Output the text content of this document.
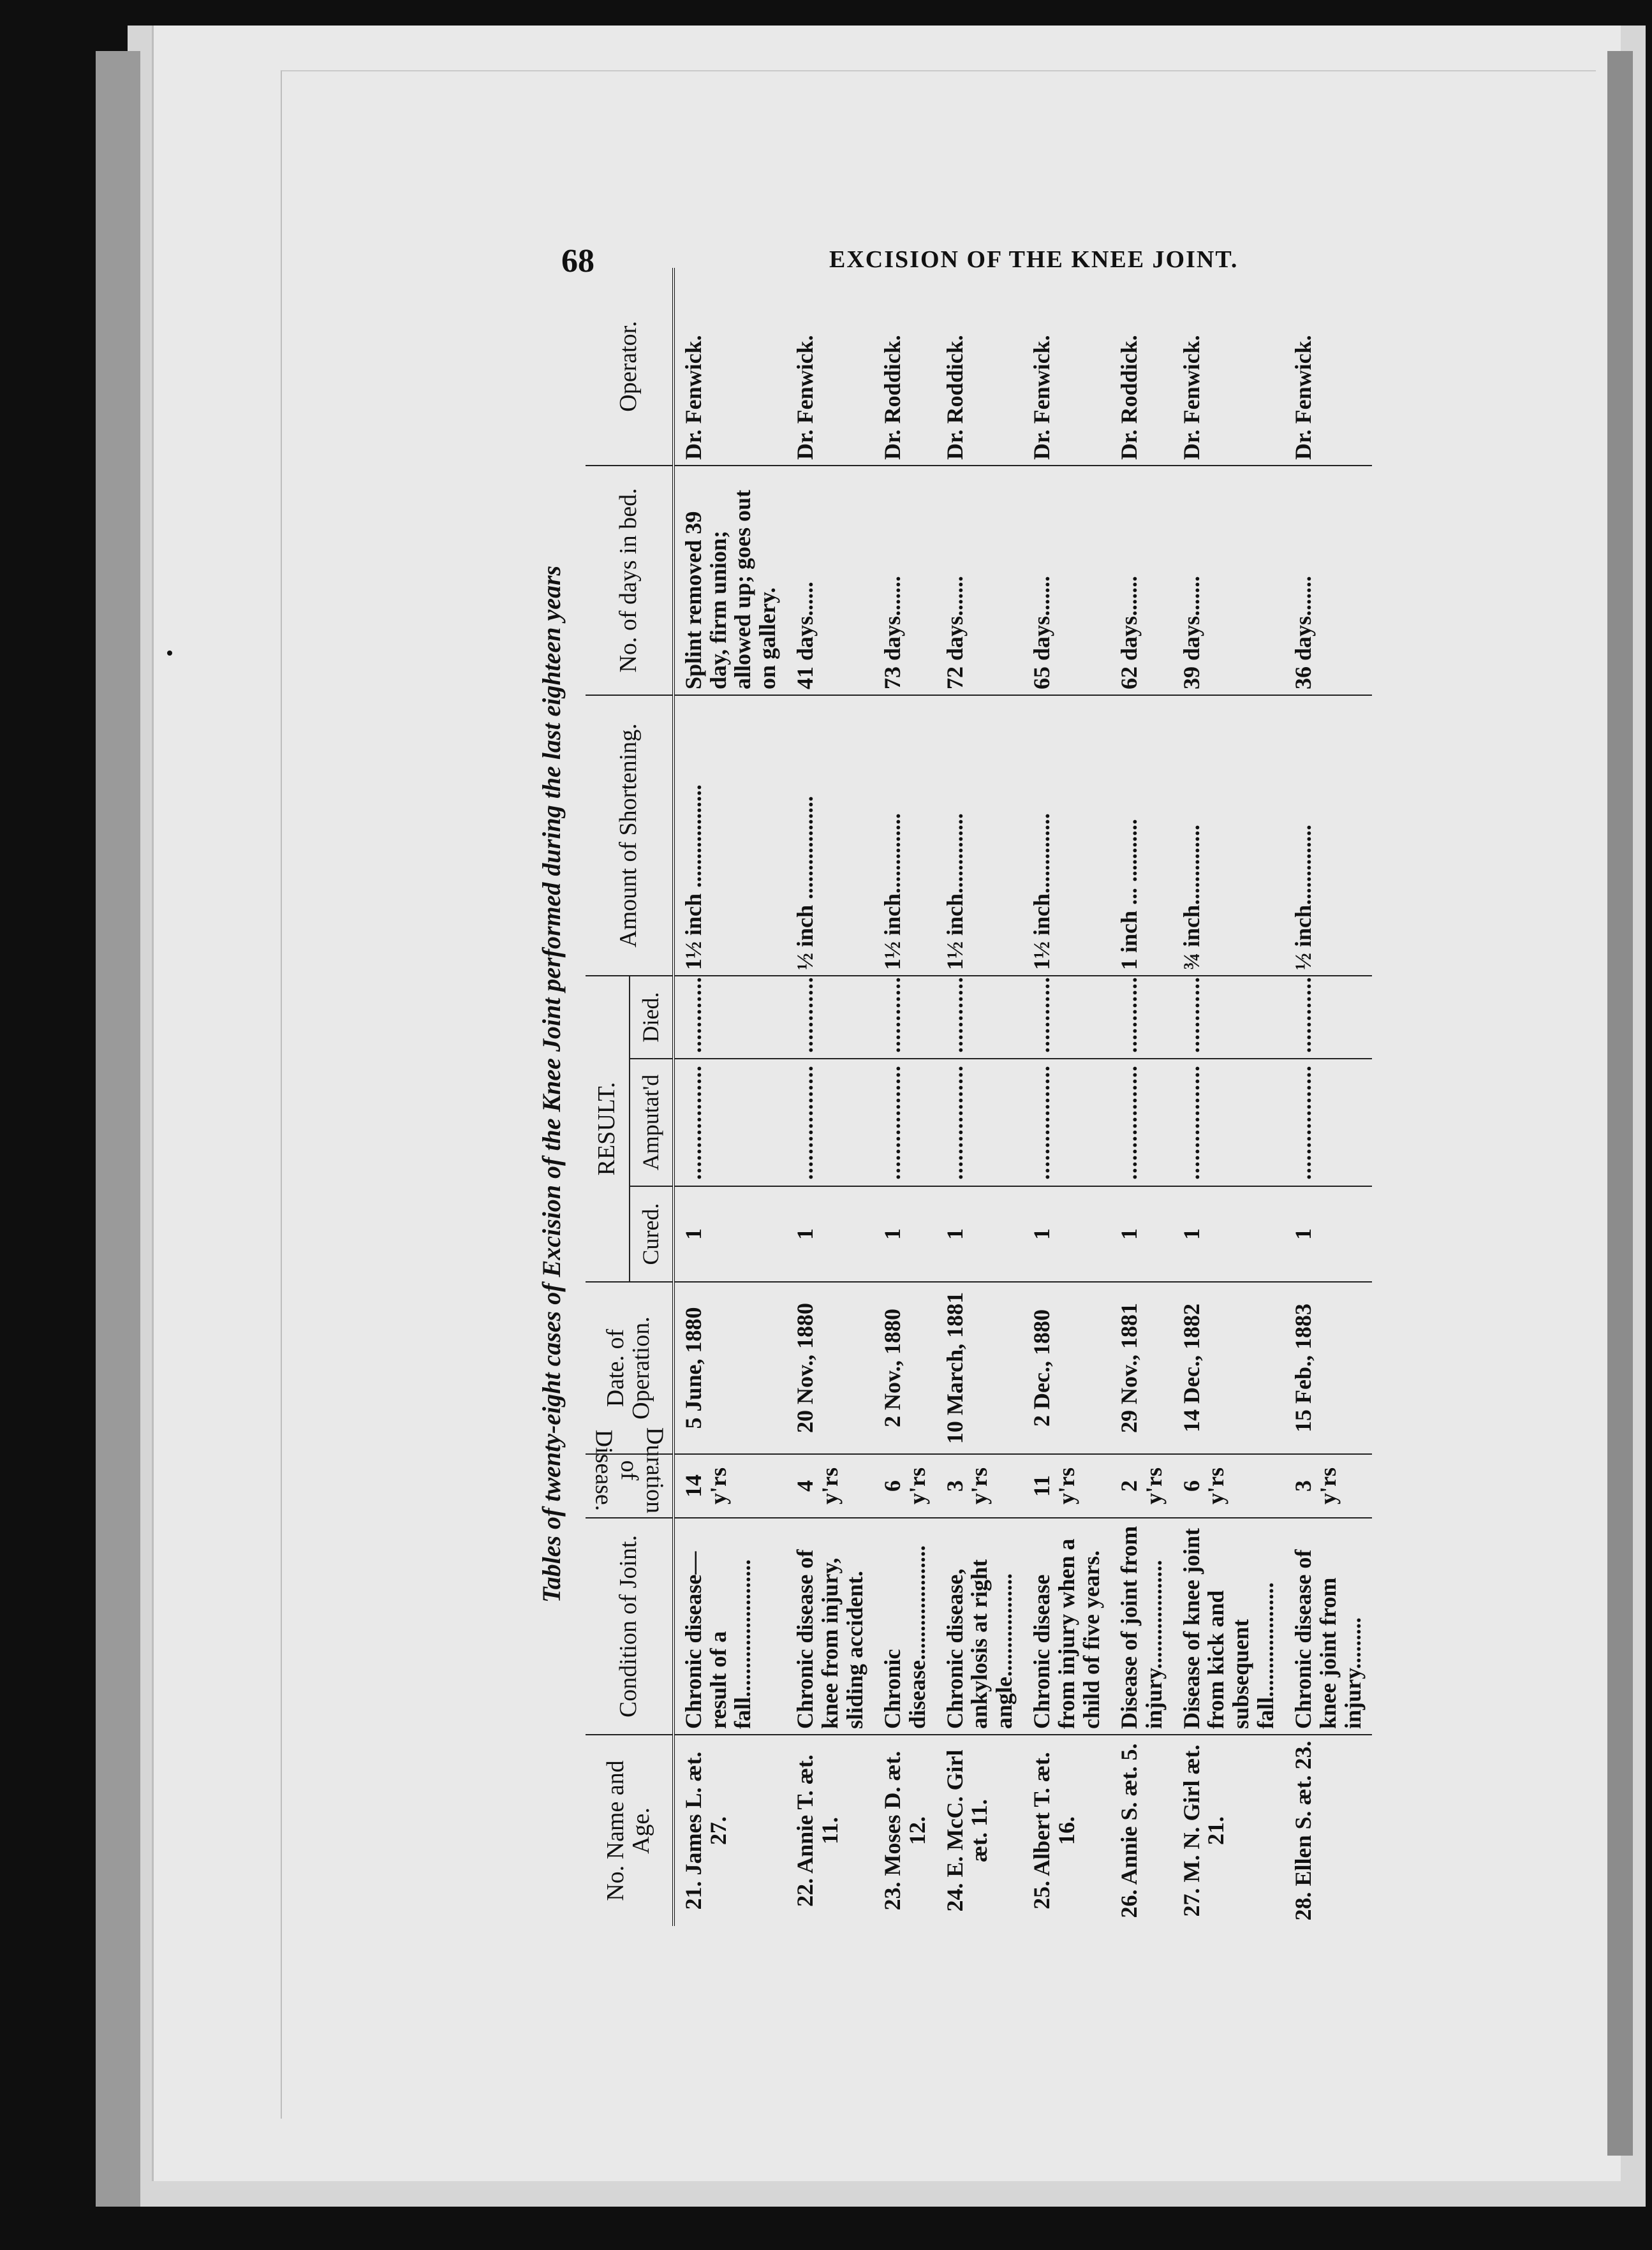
68	EXCISION OF THE KNEE JOINT.
Tables of twenty-eight cases of Excision of the Knee Joint performed during the last eighteen years
No. Name and Age.	Condition of Joint.	Duration of Disease.	Date. of Operation.	RESULT.			Amount of Shortening.	No. of days in bed.	Operator.
				Cured.	Amputat'd	Died.			
21. James L. æt. 27.	Chronic disease—result of a fall........................	14 y'rs	5 June, 1880	1	..................	............	1½ inch ..................	Splint removed 39 day, firm union; allowed up; goes out on gallery.	Dr. Fenwick.
22. Annie T. æt. 11.	Chronic disease of knee from injury, sliding accident.	4 y'rs	20 Nov., 1880	1	..................	............	½ inch ..................	41 days......	Dr. Fenwick.
23. Moses D. æt. 12.	Chronic disease....................	6 y'rs	2 Nov., 1880	1	..................	............	1½ inch..............	73 days.......	Dr. Roddick.
24. E. McC. Girl æt. 11.	Chronic disease, ankylosis at right angle..................	3 y'rs	10 March, 1881	1	..................	............	1½ inch..............	72 days.......	Dr. Roddick.
25. Albert T. æt. 16.	Chronic disease from injury when a child of five years.	11 y'rs	2 Dec., 1880	1	..................	............	1½ inch..............	65 days.......	Dr. Fenwick.
26. Annie S. æt. 5.	Disease of joint from injury...................	2 y'rs	29 Nov., 1881	1	..................	............	1 inch ... ...........	62 days.......	Dr. Roddick.
27. M. N. Girl æt. 21.	Disease of knee joint from kick and subsequent fall....................	6 y'rs	14 Dec., 1882	1	..................	............	¾ inch..............	39 days.......	Dr. Fenwick.
28. Ellen S. æt. 23.	Chronic disease of knee joint from injury.........	3 y'rs	15 Feb., 1883	1	..................	............	½ inch..............	36 days.......	Dr. Fenwick.
